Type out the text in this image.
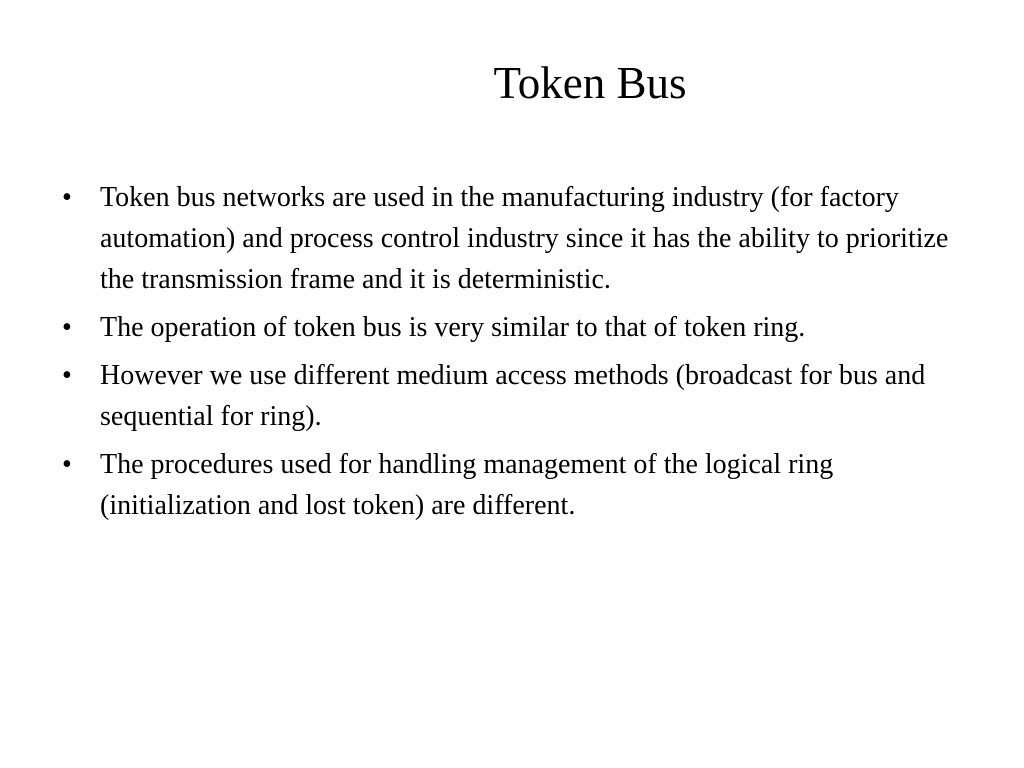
Token Bus
• Token bus networks are used in the manufacturing industry (for factory automation) and process control industry since it has the ability to prioritize the transmission frame and it is deterministic.
• The operation of token bus is very similar to that of token ring.
• However we use different medium access methods (broadcast for bus and sequential for ring).
• The procedures used for handling management of the logical ring (initialization and lost token) are different.
